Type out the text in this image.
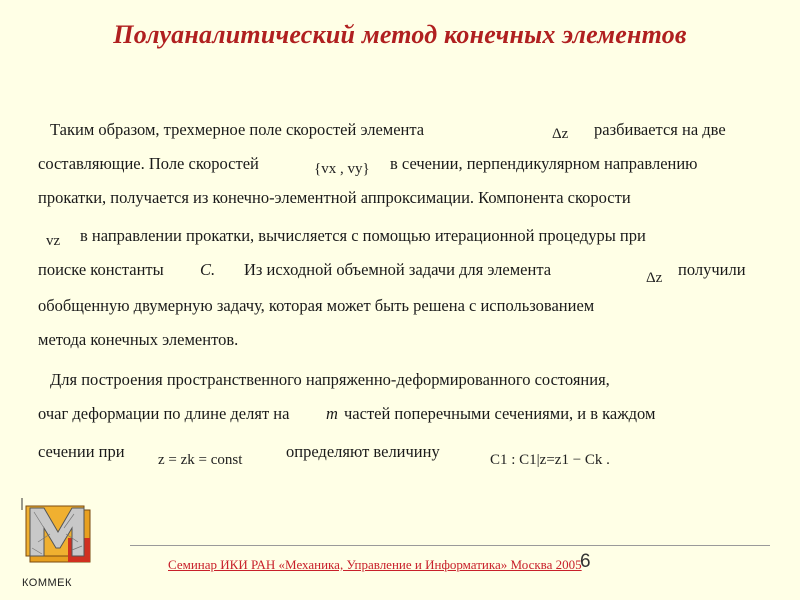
Полуаналитический метод конечных элементов
Таким образом, трехмерное поле скоростей элемента	Δz разбивается на две
составляющие. Поле скоростей	{vx , vy} в сечении, перпендикулярном направлению
прокатки, получается из конечно-элементной аппроксимации. Компонента скорости
vz в направлении прокатки, вычисляется с помощью итерационной процедуры при
поиске константы C. Из исходной объемной задачи для элемента	Δz получили
обобщенную двумерную задачу, которая может быть решена с использованием
метода конечных элементов.
Для построения пространственного напряженно-деформированного состояния,
очаг деформации по длине делят на m частей поперечными сечениями, и в каждом
сечении при z = zk = const	определяют величину	C1 : C1|z=z1 − Ck .
КОММЕК
Семинар ИКИ РАН «Механика, Управление и Информатика» Москва 2005
6
